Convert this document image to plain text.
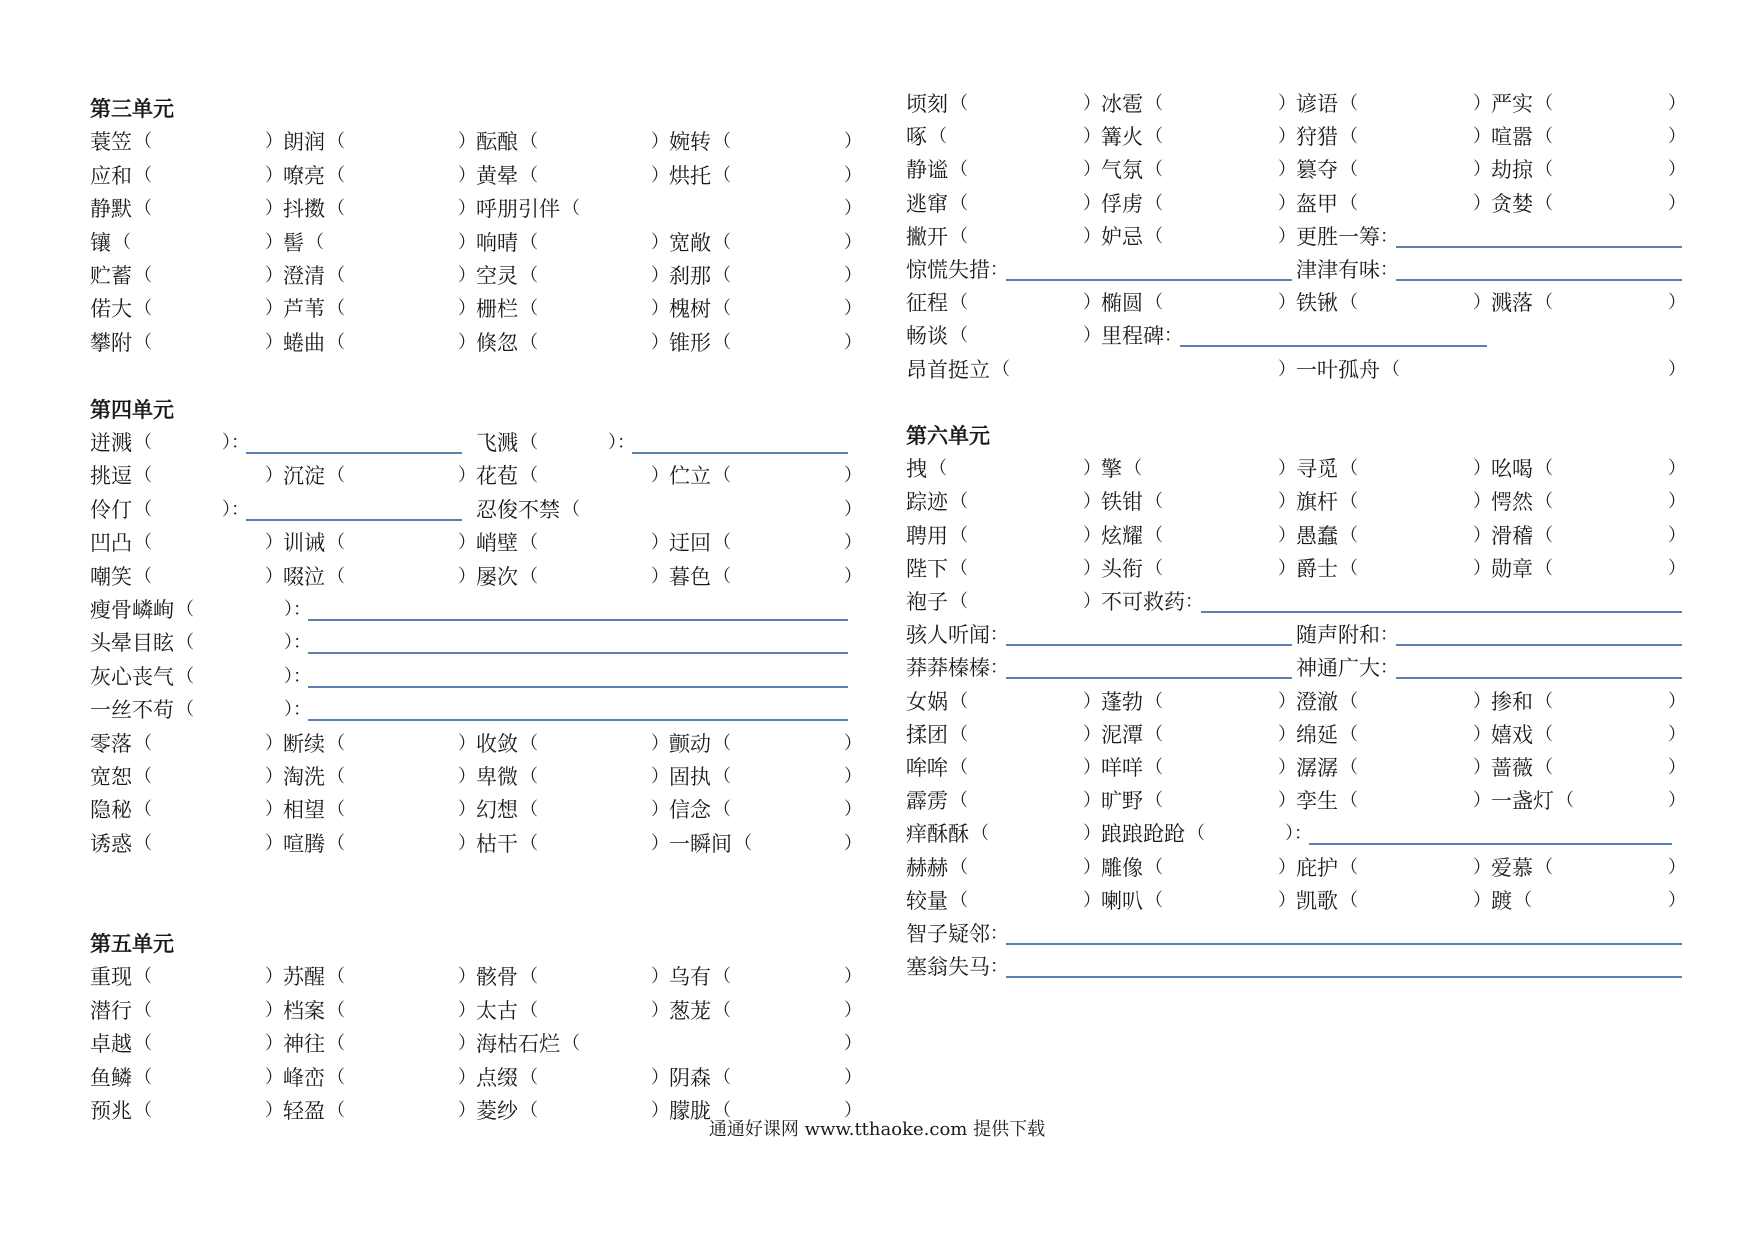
第三单元
蓑笠 （	） 朗润 （	） 酝酿 （	） 婉转 （	）
应和 （	） 嘹亮 （	） 黄晕 （	） 烘托 （	）
静默 （	） 抖擞 （	） 呼朋引伴 （	）
镶 （	） 髻 （	） 响晴 （	） 宽敞 （	）
贮蓄 （	） 澄清 （	） 空灵 （	） 刹那 （	）
偌大 （	） 芦苇 （	） 栅栏 （	） 槐树 （	）
攀附 （	） 蜷曲 （	） 倏忽 （	） 锥形 （	）
第四单元
迸溅 （	）：	飞溅 （	）：
挑逗 （	） 沉淀 （	） 花苞 （	） 伫立 （	）
伶仃 （	）：	忍俊不禁 （	）
凹凸 （	） 训诫 （	） 峭壁 （	） 迂回 （	）
嘲笑 （	） 啜泣 （	） 屡次 （	） 暮色 （	）
瘦骨嶙峋 （	）：
头晕目眩 （	）：
灰心丧气 （	）：
一丝不苟 （	）：
零落 （	） 断续 （	） 收敛 （	） 颤动 （	）
宽恕 （	） 淘洗 （	） 卑微 （	） 固执 （	）
隐秘 （	） 相望 （	） 幻想 （	） 信念 （	）
诱惑 （	） 喧腾 （	） 枯干 （	） 一瞬间 （	）
第五单元
重现 （	） 苏醒 （	） 骸骨 （	） 乌有 （	）
潜行 （	） 档案 （	） 太古 （	） 葱茏 （	）
卓越 （	） 神往 （	） 海枯石烂 （	）
鱼鳞 （	） 峰峦 （	） 点缀 （	） 阴森 （	）
预兆 （	） 轻盈 （	） 菱纱 （	） 朦胧 （	）
顷刻 （	） 冰雹 （	） 谚语 （	） 严实 （	）
啄 （	） 篝火 （	） 狩猎 （	） 喧嚣 （	）
静谧 （	） 气氛 （	） 篡夺 （	） 劫掠 （	）
逃窜 （	） 俘虏 （	） 盔甲 （	） 贪婪 （	）
撇开 （	） 妒忌 （	） 更胜一筹 ：
惊慌失措 ：	津津有味 ：
征程 （	） 椭圆 （	） 铁锹 （	） 溅落 （	）
畅谈 （	） 里程碑 ：
昂首挺立 （	） 一叶孤舟 （	）
第六单元
拽 （	） 擎 （	） 寻觅 （	） 吆喝 （	）
踪迹 （	） 铁钳 （	） 旗杆 （	） 愕然 （	）
聘用 （	） 炫耀 （	） 愚蠢 （	） 滑稽 （	）
陛下 （	） 头衔 （	） 爵士 （	） 勋章 （	）
袍子 （	） 不可救药 ：
骇人听闻 ：	随声附和 ：
莽莽榛榛 ：	神通广大 ：
女娲 （	） 蓬勃 （	） 澄澈 （	） 掺和 （	）
揉团 （	） 泥潭 （	） 绵延 （	） 嬉戏 （	）
哞哞 （	） 咩咩 （	） 潺潺 （	） 蔷薇 （	）
霹雳 （	） 旷野 （	） 孪生 （	） 一盏灯 （	）
痒酥酥 （	） 踉踉跄跄 （	）：
赫赫 （	） 雕像 （	） 庇护 （	） 爱慕 （	）
较量 （	） 喇叭 （	） 凯歌 （	） 踱 （	）
智子疑邻 ：
塞翁失马 ：
通通好课网 www.tthaoke.com 提供下载
